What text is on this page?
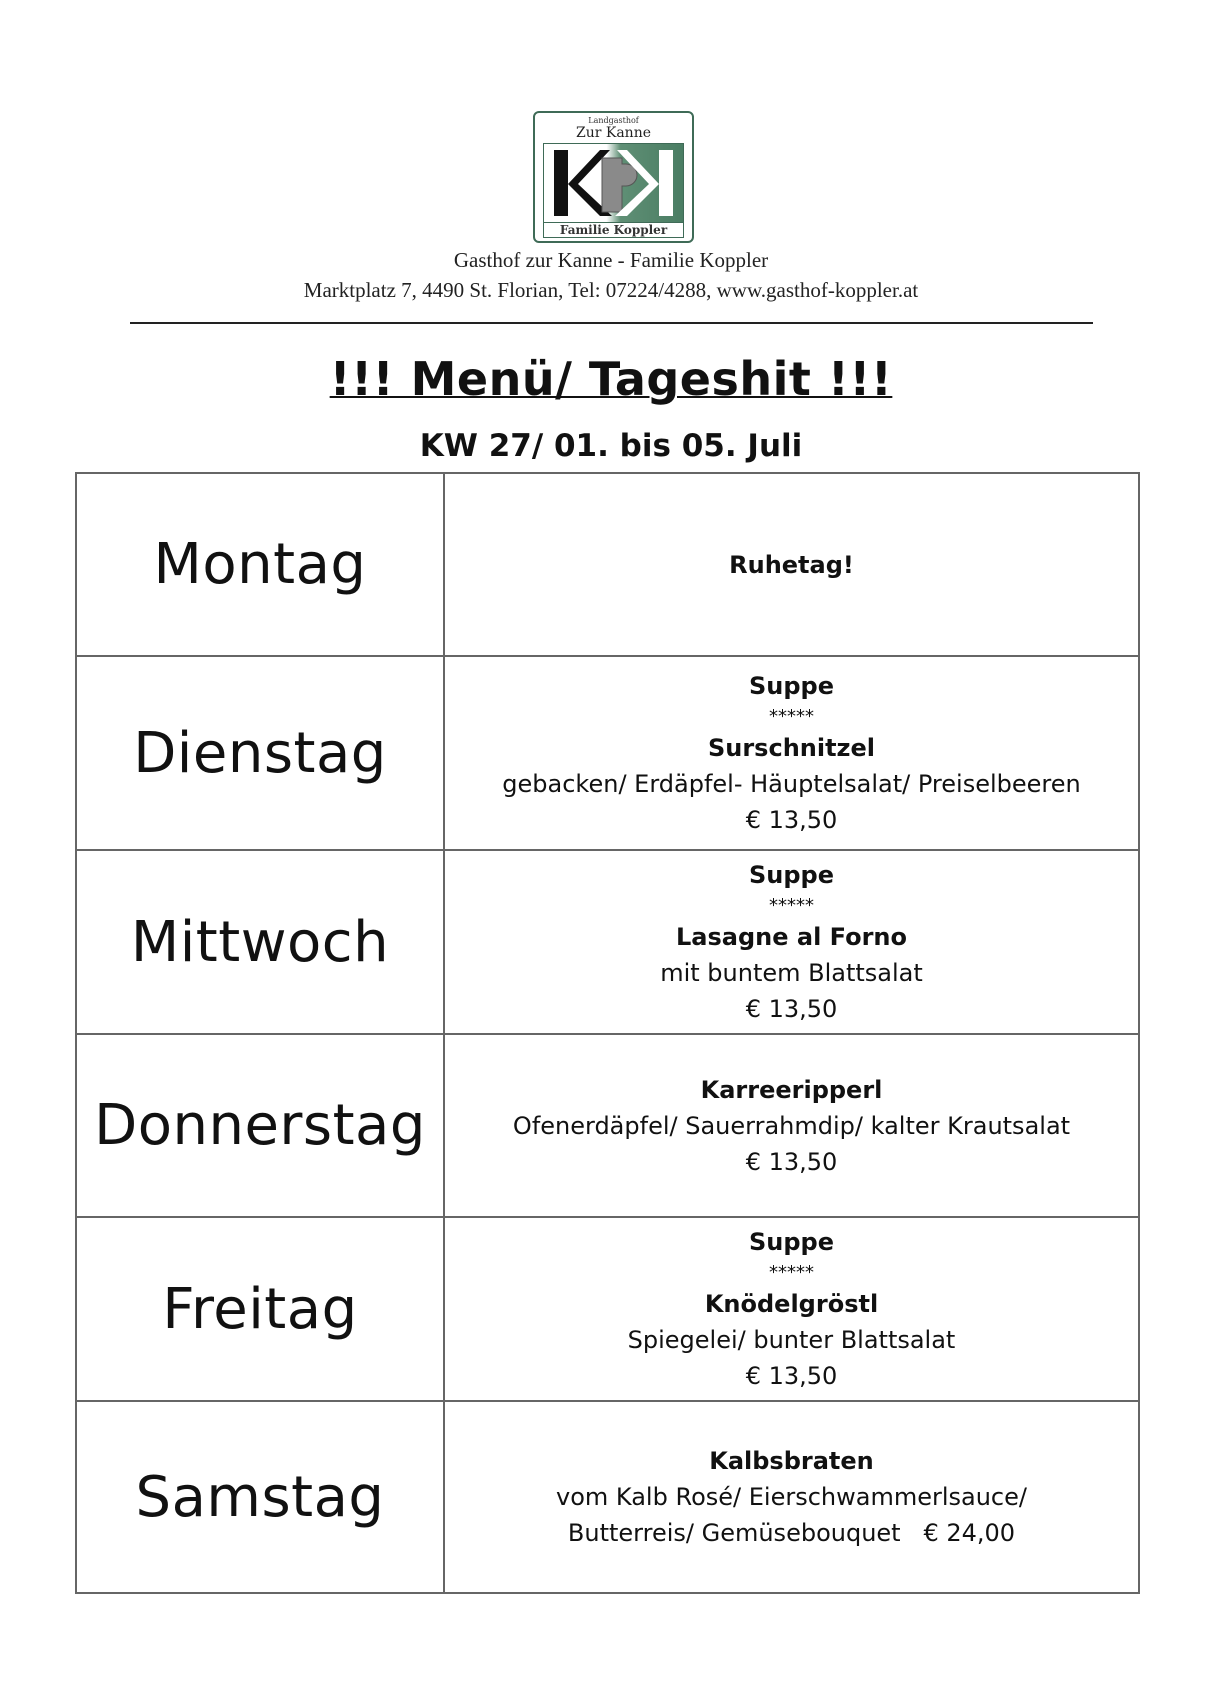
Landgasthof
Zur Kanne
Familie Koppler
Gasthof zur Kanne - Familie Koppler
Marktplatz 7, 4490 St. Florian, Tel: 07224/4288, www.gasthof-koppler.at
!!! Menü/ Tageshit !!!
KW 27/ 01. bis 05. Juli
Montag	Ruhetag!

Dienstag	Suppe
*****
Surschnitzel
gebacken/ Erdäpfel- Häuptelsalat/ Preiselbeeren
€ 13,50

Mittwoch	Suppe
*****
Lasagne al Forno
mit buntem Blattsalat
€ 13,50

Donnerstag	Karreeripperl
Ofenerdäpfel/ Sauerrahmdip/ kalter Krautsalat
€ 13,50

Freitag	Suppe
*****
Knödelgröstl
Spiegelei/ bunter Blattsalat
€ 13,50

Samstag	Kalbsbraten
vom Kalb Rosé/ Eierschwammerlsauce/
Butterreis/ Gemüsebouquet € 24,00
